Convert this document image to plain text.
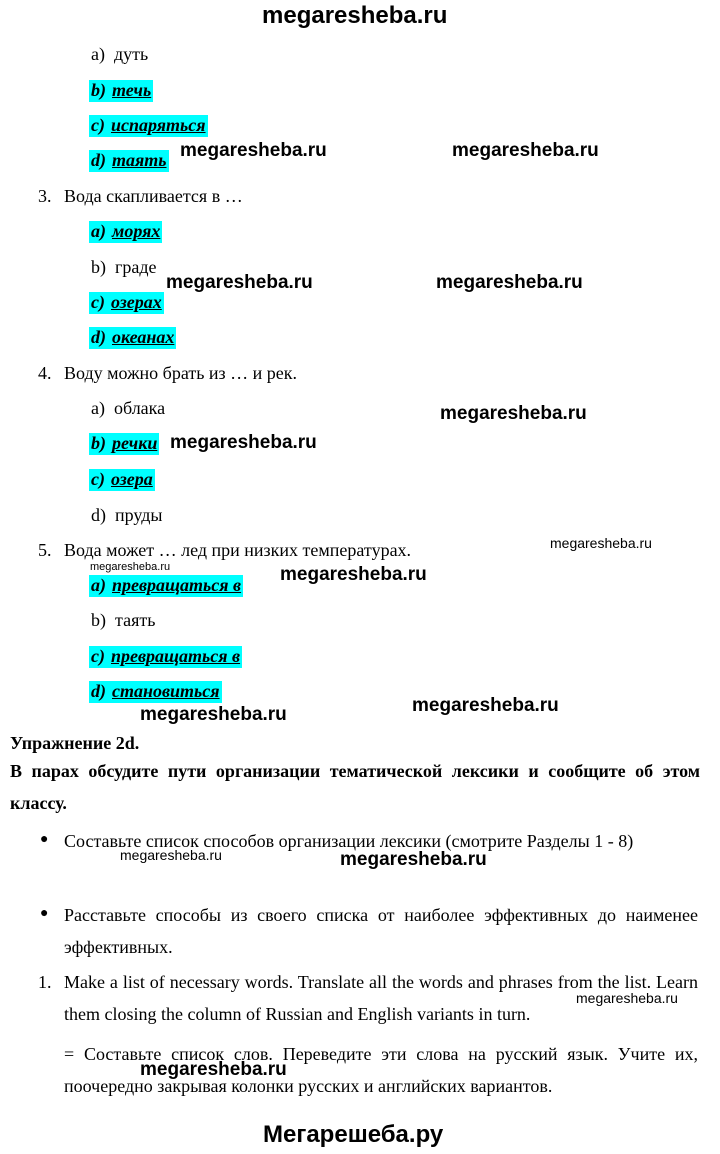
megaresheba.ru
a) дуть
b) течь
c) испаряться
d) таять
3. Вода скапливается в …
a) морях
b) граде
c) озерах
d) океанах
4. Воду можно брать из … и рек.
a) облака
b) речки
c) озера
d) пруды
5. Вода может … лед при низких температурах.
a) превращаться в
b) таять
c) превращаться в
d) становиться
Упражнение 2d.
В парах обсудите пути организации тематической лексики и сообщите об этом классу.
● Составьте список способов организации лексики (смотрите Разделы 1 - 8)
● Расставьте способы из своего списка от наиболее эффективных до наименее эффективных.
1. Make a list of necessary words. Translate all the words and phrases from the list. Learn them closing the column of Russian and English variants in turn.
= Составьте список слов. Переведите эти слова на русский язык. Учите их, поочередно закрывая колонки русских и английских вариантов.
megaresheba.ru	megaresheba.ru
megaresheba.ru	megaresheba.ru
megaresheba.ru
megaresheba.ru
megaresheba.ru
megaresheba.ru	megaresheba.ru
megaresheba.ru
megaresheba.ru
megaresheba.ru	megaresheba.ru
megaresheba.ru
megaresheba.ru
Мегарешеба.ру
